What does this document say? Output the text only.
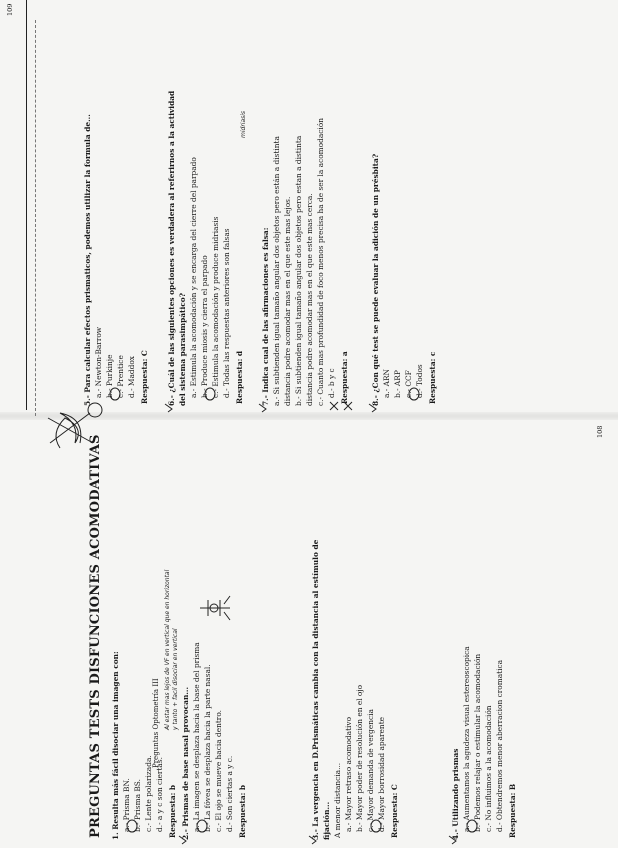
Preguntas Optometría III
PREGUNTAS TESTS DISFUNCIONES ACOMODATIVAS 1. Resulta más fácil disociar una imagen con: a.- Prisma BN. b.- Prisma BS. c.- Lente polarizada. d.- a y c son ciertas. Respuesta: b
Al estar mas lejos de VF en vertical que en horizontal y tanto + facil disociar en vertical
2.- Prismas de base nasal provocan... a.- La imagen se desplaza hacia la base del prisma b.- La fóvea se desplaza hacia la parte nasal. c.- El ojo se mueve hacia dentro. d.- Son ciertas a y c. Respuesta: b	3.- La vergencia en D.Prismáticas cambia con la distancia al estímulo de fijación... A menor distancia... a.- Mayor retraso acomodativo b.- Mayor poder de resolución en el ojo c.- Mayor demanda de vergencia d.- Mayor borrosidad aparente Respuesta: C	4.- Utilizando prismas a.- Aumentamos la agudeza visual estereoscopica b.- Podemos relajar o estimular la acomodación c.- No influimos a la acomodación d.- Obtendremos menor aberracion cromatica Respuesta: B
108
5.- Para calcular efectos prismaticos, podemos utilizar la formula de... a.- Newton-Barrow b.- Purkinje c.- Prentice d.- Maddox Respuesta: C 6.- ¿Cuál de las siguientes opciones es verdadera al referirnos a la actividad del sistema parasimpático? a.- Estimula la acomodación y se encarga del cierre del parpado b.- Produce miosis y cierra el parpado c.- Estimula la acomodación y produce midriasis d.- Todas las respuestas anteriores son falsas Respuesta: d
midriasis
7.- Indica cual de las afirmaciones es falsa: a.- Si subtienden igual tamaño angular dos objetos pero están a distinta distancia podre acomodar mas en el que este mas lejos. b.- Si subtienden igual tamaño angular dos objetos pero estan a distinta distancia podre acomodar mas en el que este mas cerca. c.- Cuanto mas profundidad de foco menos precisa ha de ser la acomodación d.- b y c Respuesta: a	8.- ¿Con qué test se puede evaluar la adición de un présbita? a.- ARN b.- ARP c.- CCF d.- Todos Respuesta: c
109
